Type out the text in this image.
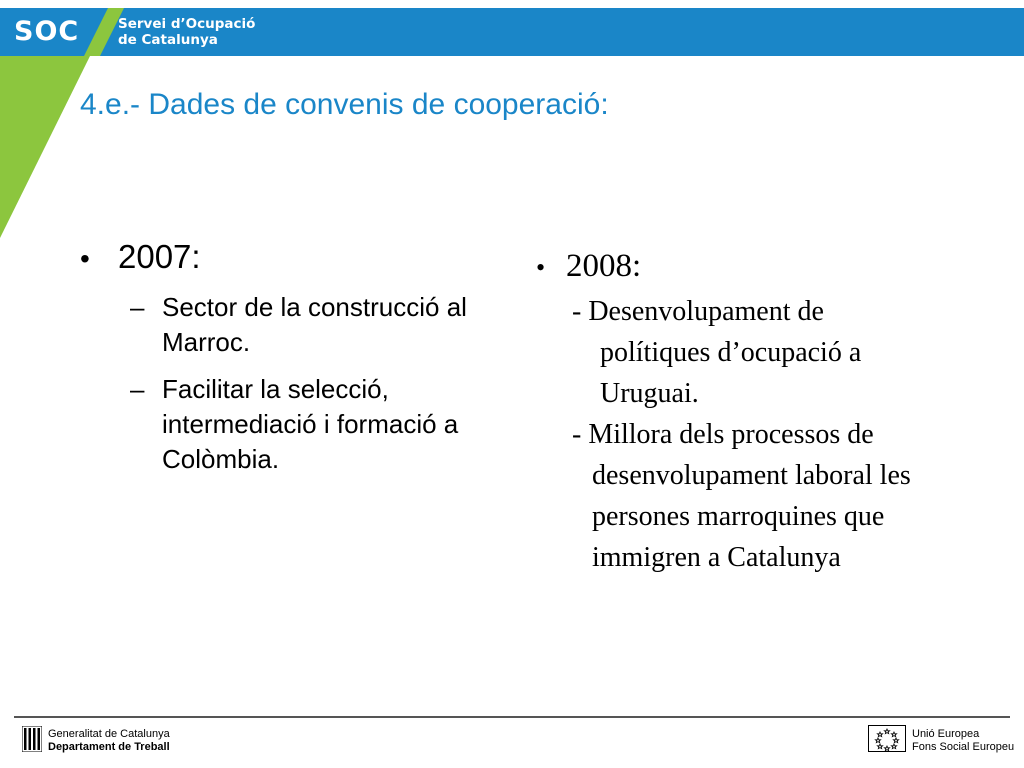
SOC	Servei d’Ocupació
de Catalunya
4.e.- Dades de convenis de cooperació:
• 2007:
– Sector de la construcció al Marroc.
– Facilitar la selecció, intermediació i formació a Colòmbia.
• 2008:
- Desenvolupament de
polítiques d’ocupació a
Uruguai.
- Millora dels processos de
desenvolupament laboral les
persones marroquines que
immigren a Catalunya
Generalitat de Catalunya
Departament de Treball
Unió Europea
Fons Social Europeu
